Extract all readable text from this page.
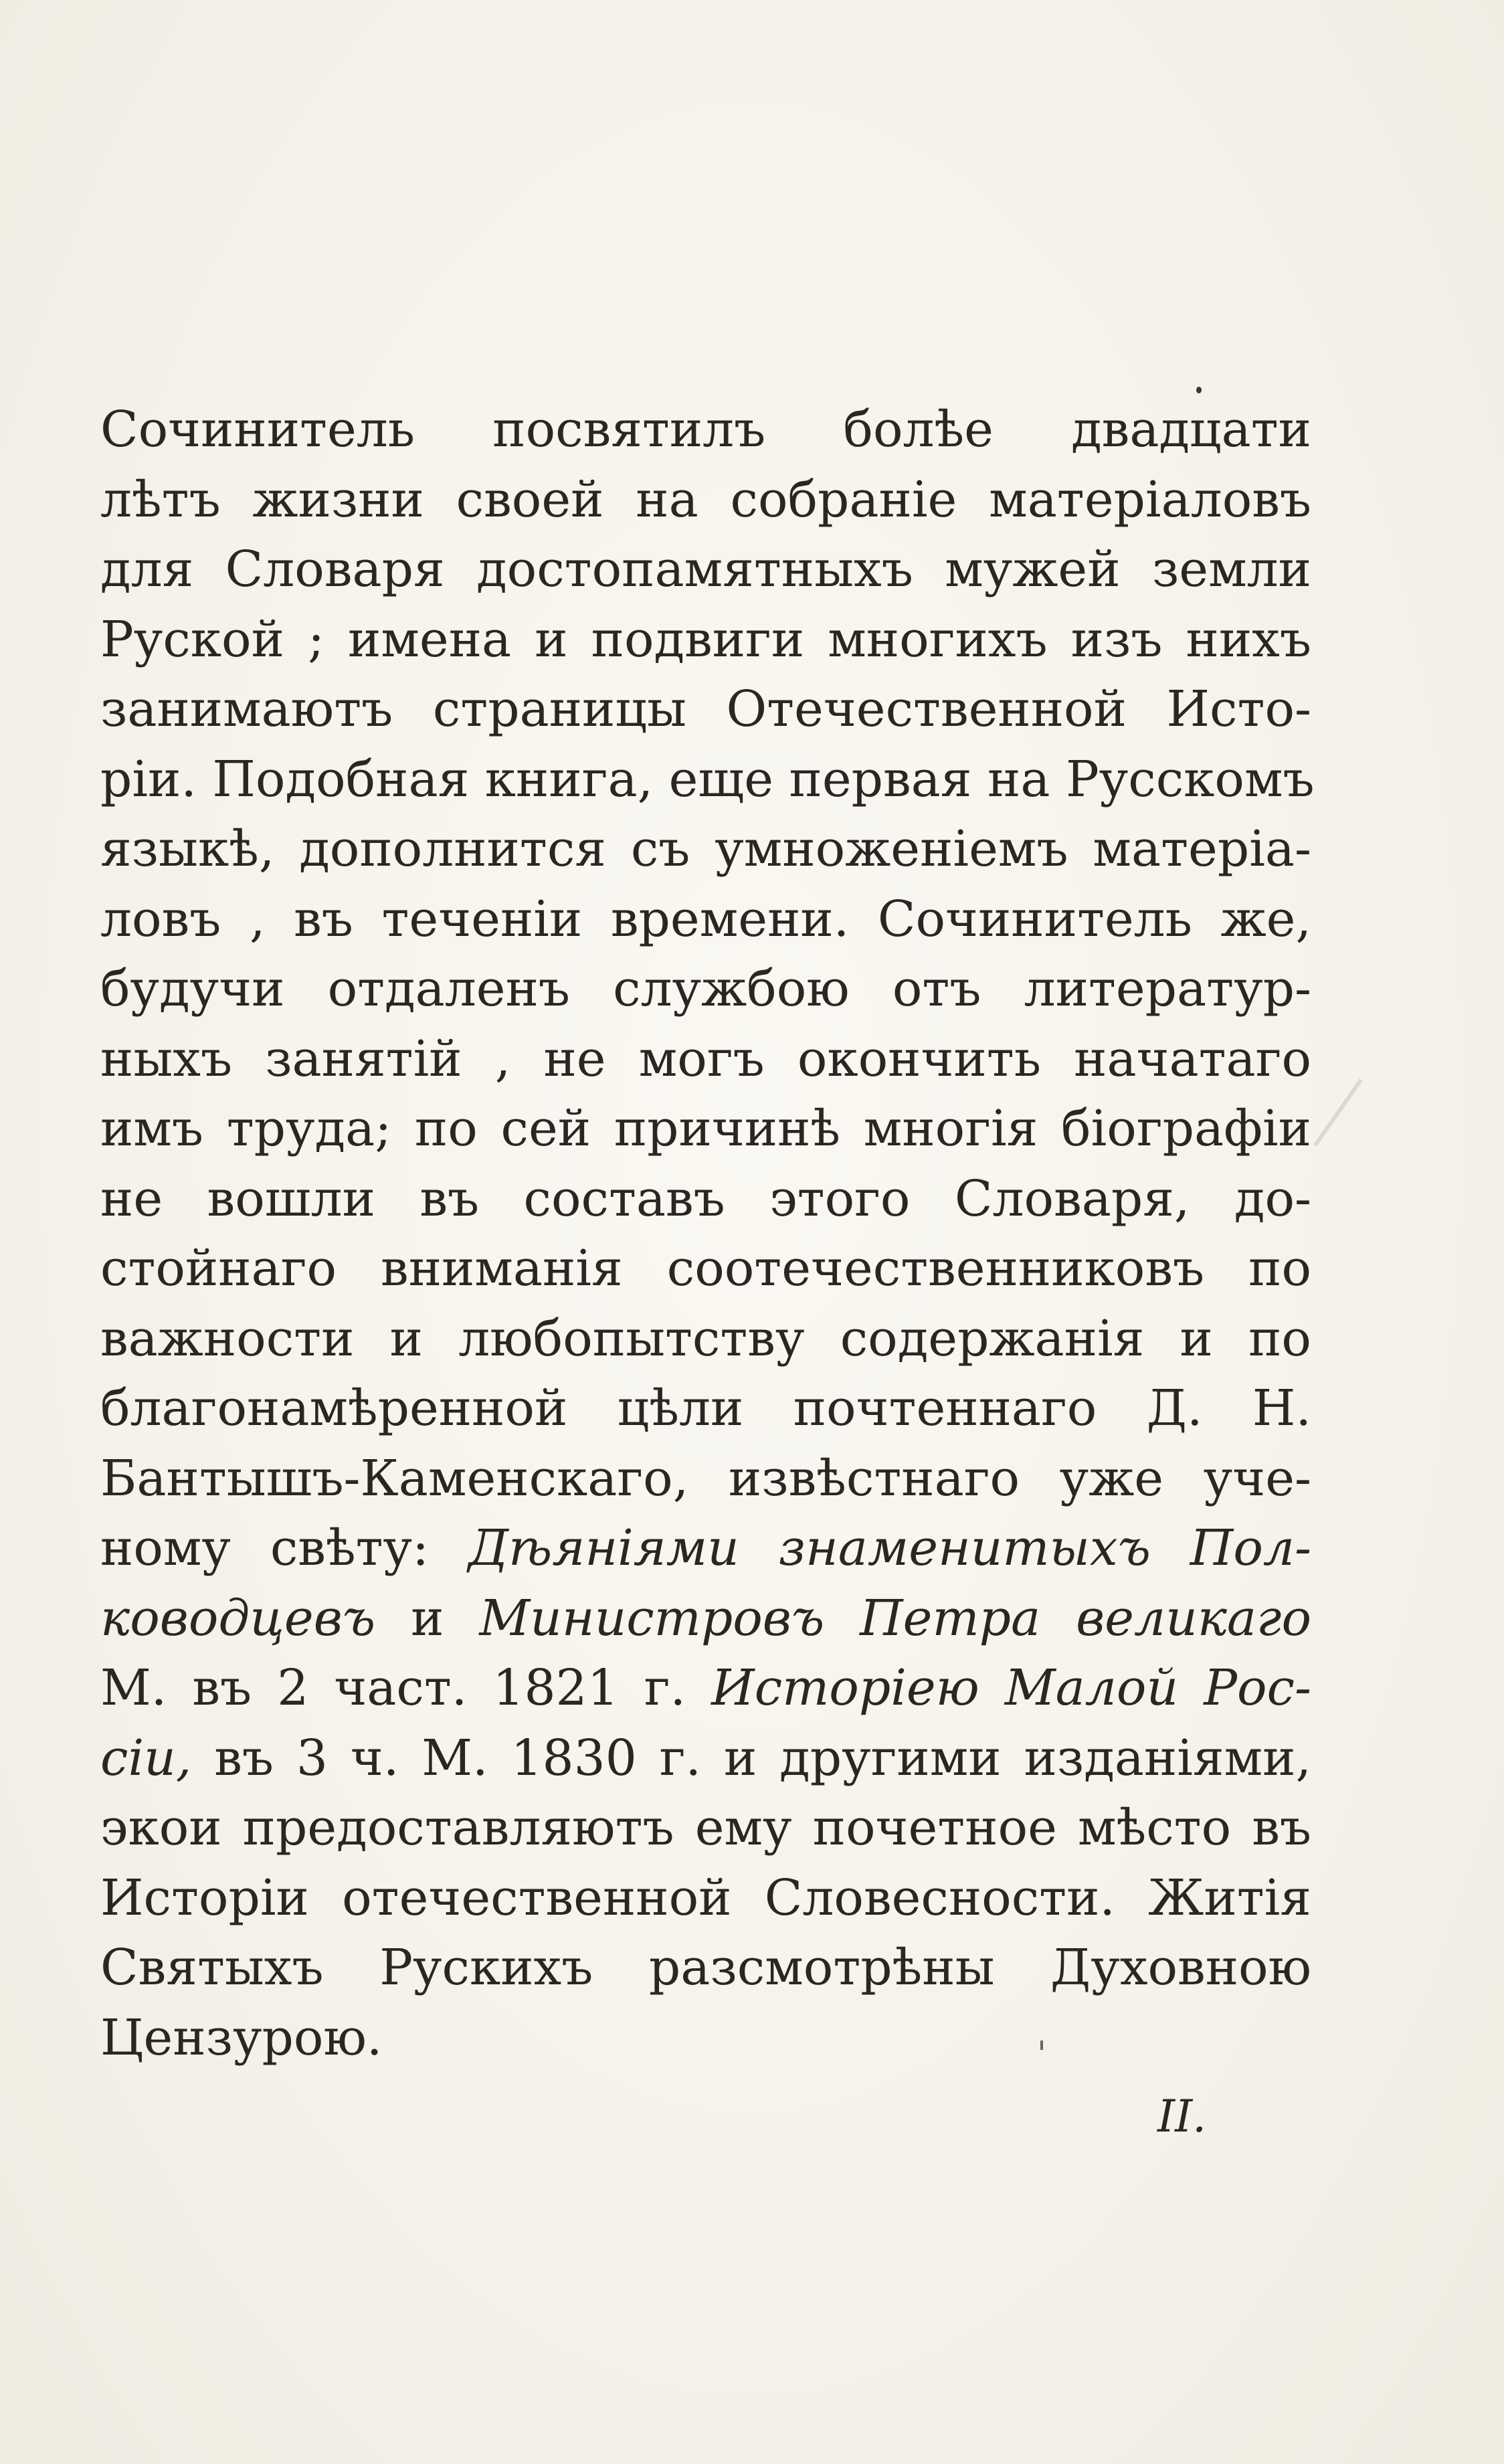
Сочинитель посвятилъ болѣе двадцати
лѣтъ жизни своей на собраніе матеріаловъ
для Словаря достопамятныхъ мужей земли
Руской ; имена и подвиги многихъ изъ нихъ
занимаютъ страницы Отечественной Исто-
ріи. Подобная книга, еще первая на Русскомъ
языкѣ, дополнится съ умноженіемъ матеріа-
ловъ , въ теченіи времени. Сочинитель же,
будучи отдаленъ службою отъ литератур-
ныхъ занятій , не могъ окончить начатаго
имъ труда; по сей причинѣ многія біографіи
не вошли въ составъ этого Словаря, до-
стойнаго вниманія соотечественниковъ по
важности и любопытству содержанія и по
благонамѣренной цѣли почтеннаго Д. Н.
Бантышъ-Каменскаго, извѣстнаго уже уче-
ному свѣту: Дѣяніями знаменитыхъ Пол-
ководцевъ и Министровъ Петра великаго
М. въ 2 част. 1821 г. Исторіею Малой Рос-
сіи, въ 3 ч. М. 1830 г. и другими изданіями,
экои предоставляютъ ему почетное мѣсто въ
Исторіи отечественной Словесности. Житія
Святыхъ Рускихъ разсмотрѣны Духовною
Цензурою.
II.
